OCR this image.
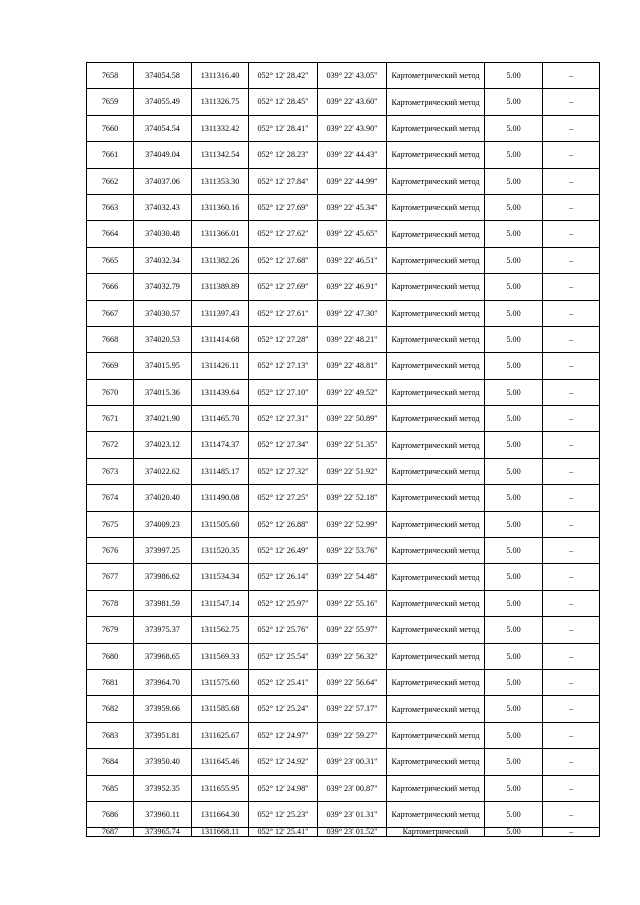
7658	374054.58	1311316.40	052° 12' 28.42"	039° 22' 43.05"	Картометрический метод	5.00	–
7659	374055.49	1311326.75	052° 12' 28.45"	039° 22' 43.60"	Картометрический метод	5.00	–
7660	374054.54	1311332.42	052° 12' 28.41"	039° 22' 43.90"	Картометрический метод	5.00	–
7661	374049.04	1311342.54	052° 12' 28.23"	039° 22' 44.43"	Картометрический метод	5.00	–
7662	374037.06	1311353.30	052° 12' 27.84"	039° 22' 44.99"	Картометрический метод	5.00	–
7663	374032.43	1311360.16	052° 12' 27.69"	039° 22' 45.34"	Картометрический метод	5.00	–
7664	374030.48	1311366.01	052° 12' 27.62"	039° 22' 45.65"	Картометрический метод	5.00	–
7665	374032.34	1311382.26	052° 12' 27.68"	039° 22' 46.51"	Картометрический метод	5.00	–
7666	374032.79	1311389.89	052° 12' 27.69"	039° 22' 46.91"	Картометрический метод	5.00	–
7667	374030.57	1311397.43	052° 12' 27.61"	039° 22' 47.30"	Картометрический метод	5.00	–
7668	374020.53	1311414.68	052° 12' 27.28"	039° 22' 48.21"	Картометрический метод	5.00	–
7669	374015.95	1311426.11	052° 12' 27.13"	039° 22' 48.81"	Картометрический метод	5.00	–
7670	374015.36	1311439.64	052° 12' 27.10"	039° 22' 49.52"	Картометрический метод	5.00	–
7671	374021.90	1311465.70	052° 12' 27.31"	039° 22' 50.89"	Картометрический метод	5.00	–
7672	374023.12	1311474.37	052° 12' 27.34"	039° 22' 51.35"	Картометрический метод	5.00	–
7673	374022.62	1311485.17	052° 12' 27.32"	039° 22' 51.92"	Картометрический метод	5.00	–
7674	374020.40	1311490.08	052° 12' 27.25"	039° 22' 52.18"	Картометрический метод	5.00	–
7675	374009.23	1311505.60	052° 12' 26.88"	039° 22' 52.99"	Картометрический метод	5.00	–
7676	373997.25	1311520.35	052° 12' 26.49"	039° 22' 53.76"	Картометрический метод	5.00	–
7677	373986.62	1311534.34	052° 12' 26.14"	039° 22' 54.48"	Картометрический метод	5.00	–
7678	373981.59	1311547.14	052° 12' 25.97"	039° 22' 55.16"	Картометрический метод	5.00	–
7679	373975.37	1311562.75	052° 12' 25.76"	039° 22' 55.97"	Картометрический метод	5.00	–
7680	373968.65	1311569.33	052° 12' 25.54"	039° 22' 56.32"	Картометрический метод	5.00	–
7681	373964.70	1311575.60	052° 12' 25.41"	039° 22' 56.64"	Картометрический метод	5.00	–
7682	373959.66	1311585.68	052° 12' 25.24"	039° 22' 57.17"	Картометрический метод	5.00	–
7683	373951.81	1311625.67	052° 12' 24.97"	039° 22' 59.27"	Картометрический метод	5.00	–
7684	373950.40	1311645.46	052° 12' 24.92"	039° 23' 00.31"	Картометрический метод	5.00	–
7685	373952.35	1311655.95	052° 12' 24.98"	039° 23' 00.87"	Картометрический метод	5.00	–
7686	373960.11	1311664.30	052° 12' 25.23"	039° 23' 01.31"	Картометрический метод	5.00	–
7687	373965.74	1311668.11	052° 12' 25.41"	039° 23' 01.52"	Картометрический	5.00	–
